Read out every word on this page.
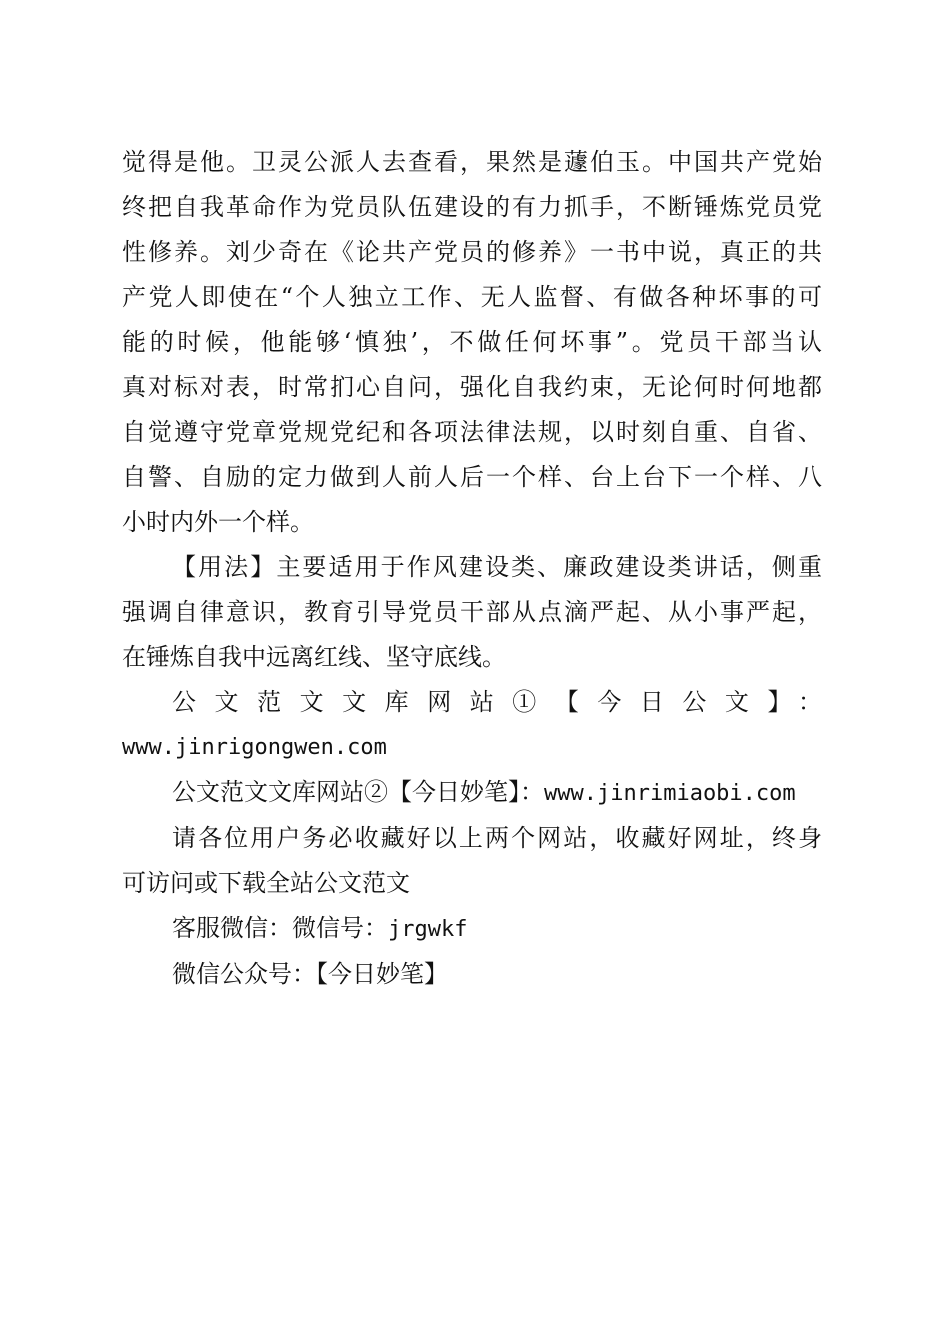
觉得是他。卫灵公派人去查看，果然是蘧伯玉。中国共产党始
终把自我革命作为党员队伍建设的有力抓手，不断锤炼党员党
性修养。刘少奇在《论共产党员的修养》一书中说，真正的共
产党人即使在“个人独立工作、无人监督、有做各种坏事的可
能的时候，他能够‘慎独’，不做任何坏事”。党员干部当认
真对标对表，时常扪心自问，强化自我约束，无论何时何地都
自觉遵守党章党规党纪和各项法律法规，以时刻自重、自省、
自警、自励的定力做到人前人后一个样、台上台下一个样、八
小时内外一个样。
【用法】主要适用于作风建设类、廉政建设类讲话，侧重
强调自律意识，教育引导党员干部从点滴严起、从小事严起，
在锤炼自我中远离红线、坚守底线。
公文范文文库网站①【今日公文】：
www.jinrigongwen.com
公文范文文库网站②【今日妙笔】：www.jinrimiaobi.com
请各位用户务必收藏好以上两个网站，收藏好网址，终身
可访问或下载全站公文范文
客服微信：微信号：jrgwkf
微信公众号：【今日妙笔】
